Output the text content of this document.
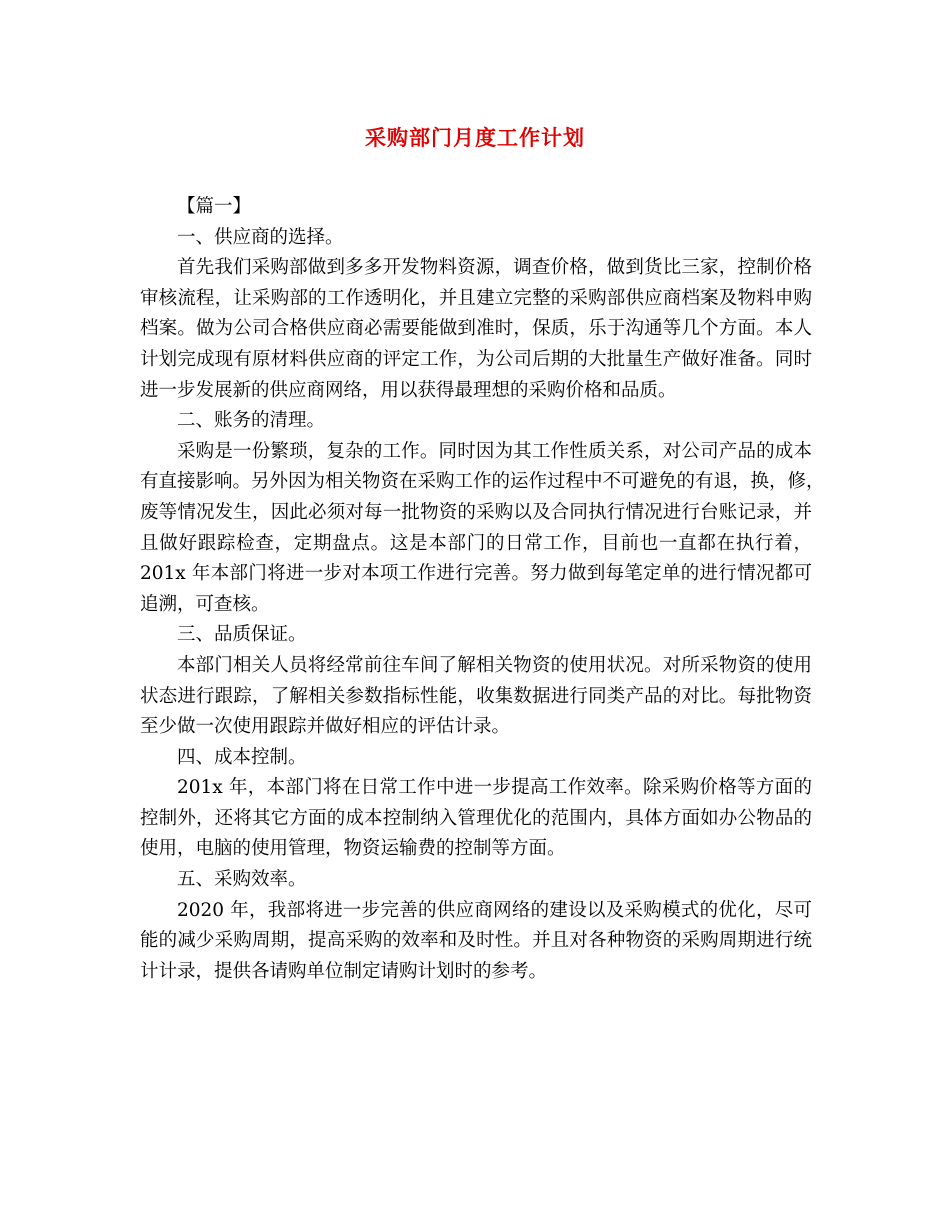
采购部门月度工作计划
【篇一】
一、供应商的选择。
首先我们采购部做到多多开发物料资源，调查价格，做到货比三家，控制价格
审核流程，让采购部的工作透明化，并且建立完整的采购部供应商档案及物料申购
档案。做为公司合格供应商必需要能做到准时，保质，乐于沟通等几个方面。本人
计划完成现有原材料供应商的评定工作，为公司后期的大批量生产做好准备。同时
进一步发展新的供应商网络，用以获得最理想的采购价格和品质。
二、账务的清理。
采购是一份繁琐，复杂的工作。同时因为其工作性质关系，对公司产品的成本
有直接影响。另外因为相关物资在采购工作的运作过程中不可避免的有退，换，修，
废等情况发生，因此必须对每一批物资的采购以及合同执行情况进行台账记录，并
且做好跟踪检查，定期盘点。这是本部门的日常工作，目前也一直都在执行着，
201x 年本部门将进一步对本项工作进行完善。努力做到每笔定单的进行情况都可
追溯，可查核。
三、品质保证。
本部门相关人员将经常前往车间了解相关物资的使用状况。对所采物资的使用
状态进行跟踪，了解相关参数指标性能，收集数据进行同类产品的对比。每批物资
至少做一次使用跟踪并做好相应的评估计录。
四、成本控制。
201x 年，本部门将在日常工作中进一步提高工作效率。除采购价格等方面的
控制外，还将其它方面的成本控制纳入管理优化的范围内，具体方面如办公物品的
使用，电脑的使用管理，物资运输费的控制等方面。
五、采购效率。
2020 年，我部将进一步完善的供应商网络的建设以及采购模式的优化，尽可
能的减少采购周期，提高采购的效率和及时性。并且对各种物资的采购周期进行统
计计录，提供各请购单位制定请购计划时的参考。
